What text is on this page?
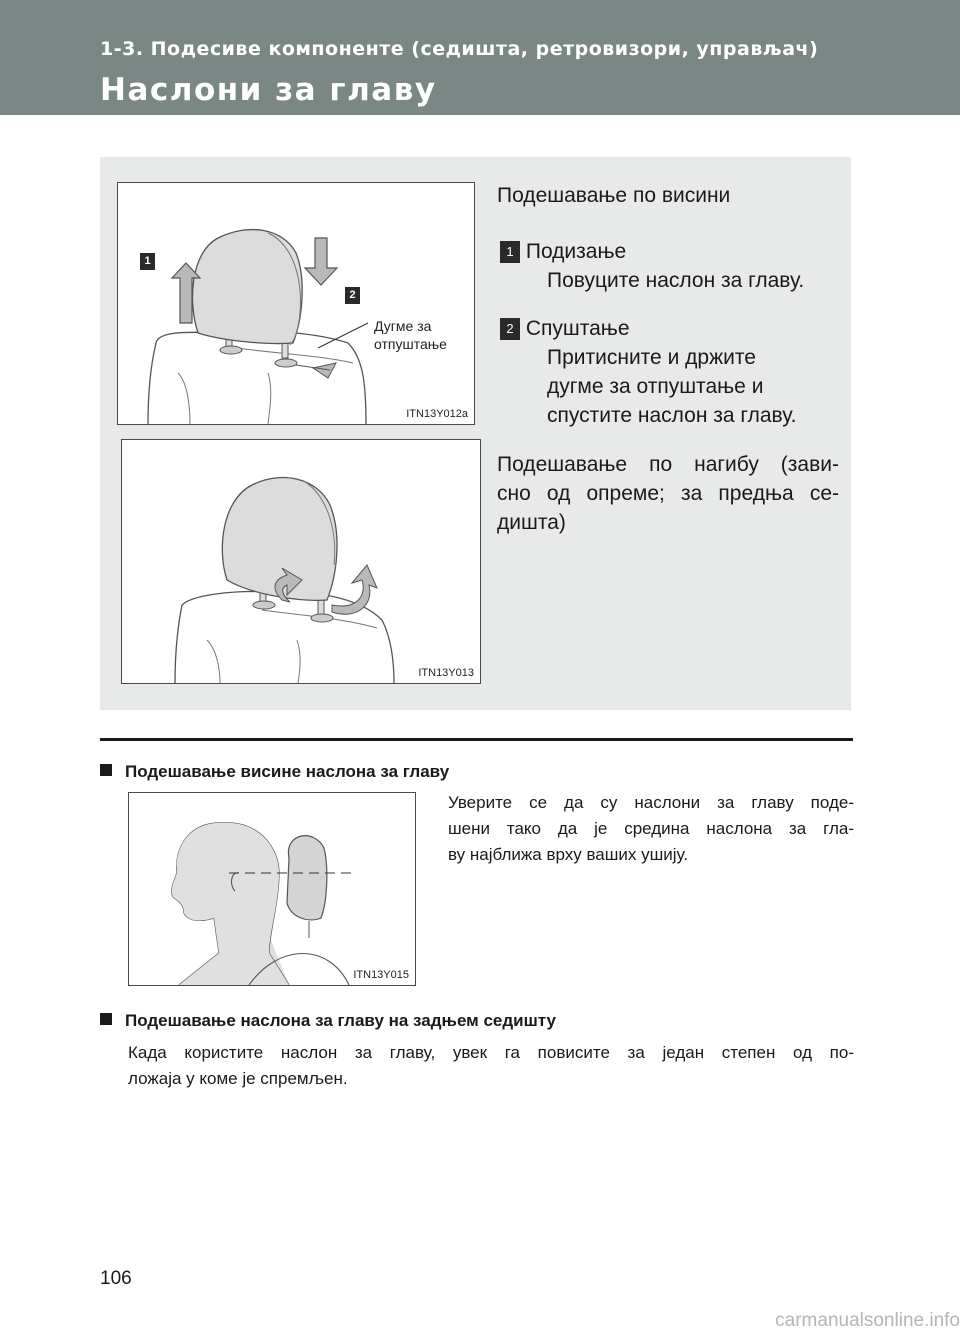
1-3. Подесиве компоненте (седишта, ретровизори, управљач)
Наслони за главу
1
2
Дугме за
отпуштање
ITN13Y012a
ITN13Y013
Подешавање по висини
1 Подизање
Повуците наслон за главу.
2 Спуштање
Притисните и држите
дугме за отпуштање и
спустите наслон за главу.
Подешавање по нагибу (зави-
сно од опреме; за предња се-
дишта)
Подешавање висине наслона за главу
ITN13Y015
Уверите се да су наслони за главу поде-
шени тако да је средина наслона за гла-
ву најближа врху ваших ушију.
Подешавање наслона за главу на задњем седишту
Када користите наслон за главу, увек га повисите за један степен од по-
ложаја у коме је спремљен.
106
carmanualsonline.info
